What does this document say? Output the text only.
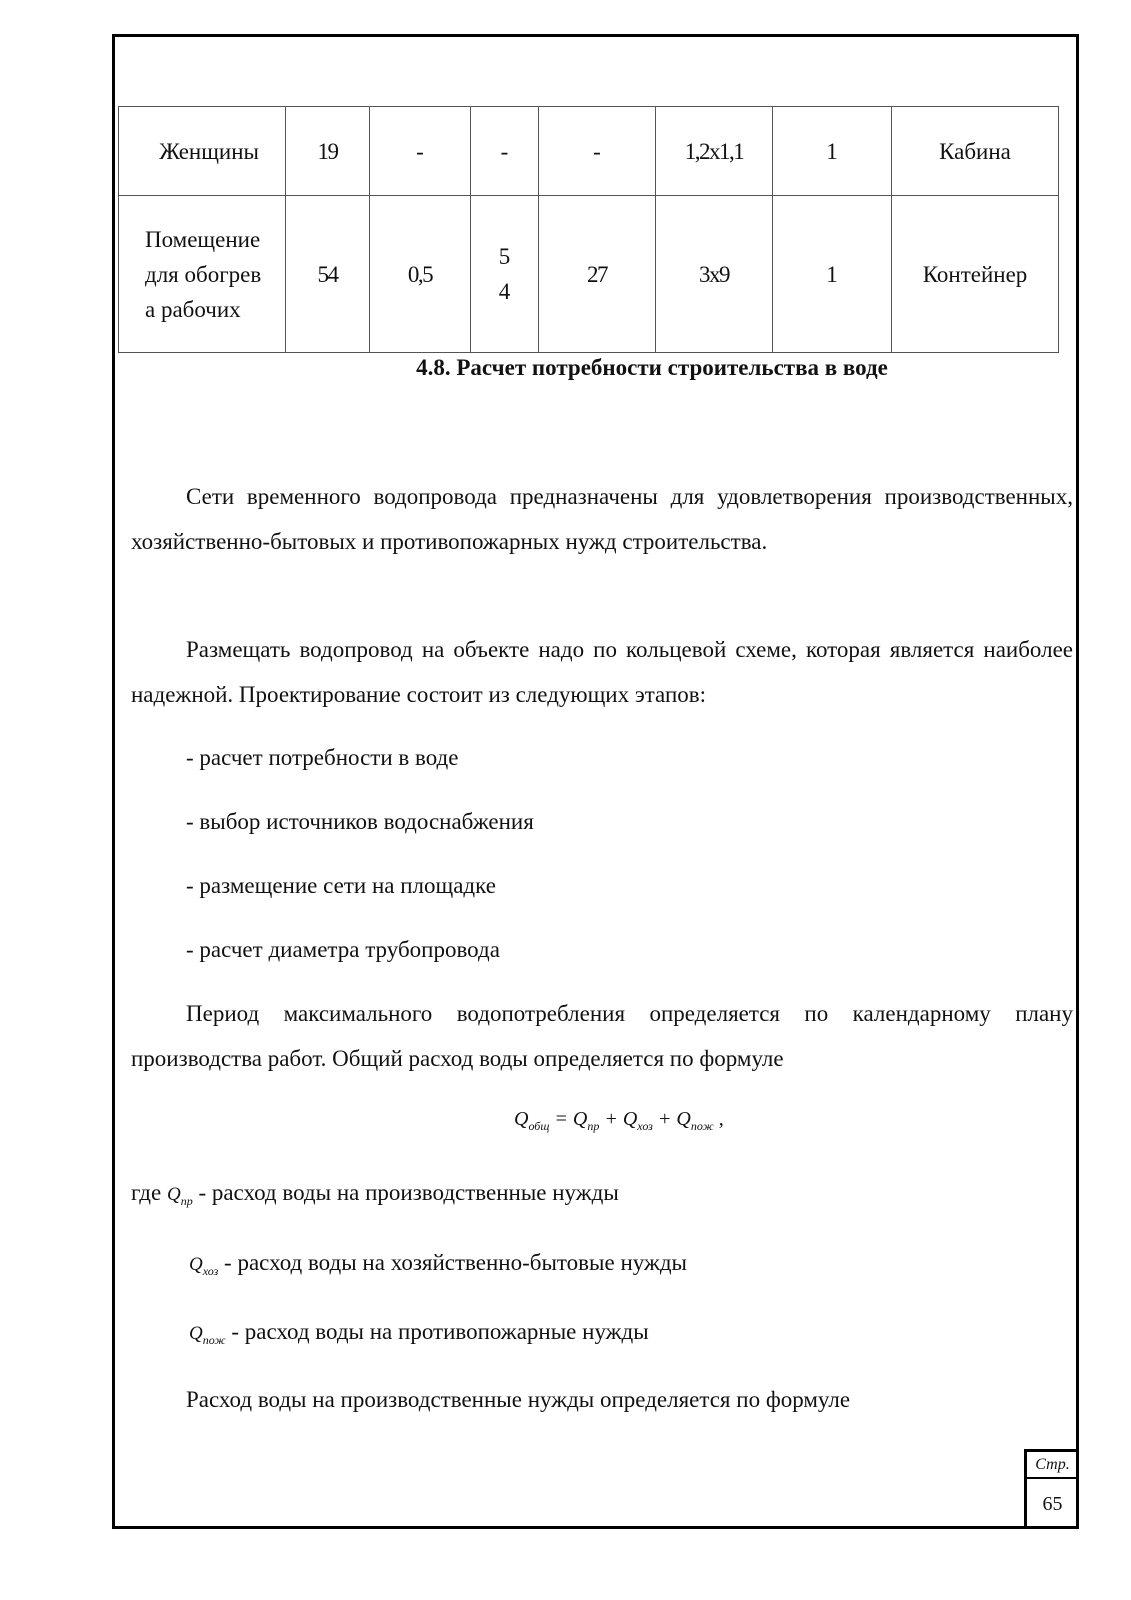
Женщины	19	-	-	-	1,2х1,1	1	Кабина
Помещение для обогрева рабочих	54	0,5	54	27	3х9	1	Контейнер
4.8. Расчет потребности строительства в воде

Сети временного водопровода предназначены для удовлетворения производственных, хозяйственно-бытовых и противопожарных нужд строительства.

Размещать водопровод на объекте надо по кольцевой схеме, которая является наиболее надежной. Проектирование состоит из следующих этапов:

- расчет потребности в воде

- выбор источников водоснабжения

- размещение сети на площадке

- расчет диаметра трубопровода

Период максимального водопотребления определяется по календарному плану производства работ. Общий расход воды определяется по формуле

$Q_{общ} = Q_{пр} + Q_{хоз} + Q_{пож}$ ,

где $Q_{пр}$ - расход воды на производственные нужды

$Q_{хоз}$ - расход воды на хозяйственно-бытовые нужды

$Q_{пож}$ - расход воды на противопожарные нужды

Расход воды на производственные нужды определяется по формуле

Стр.
65
